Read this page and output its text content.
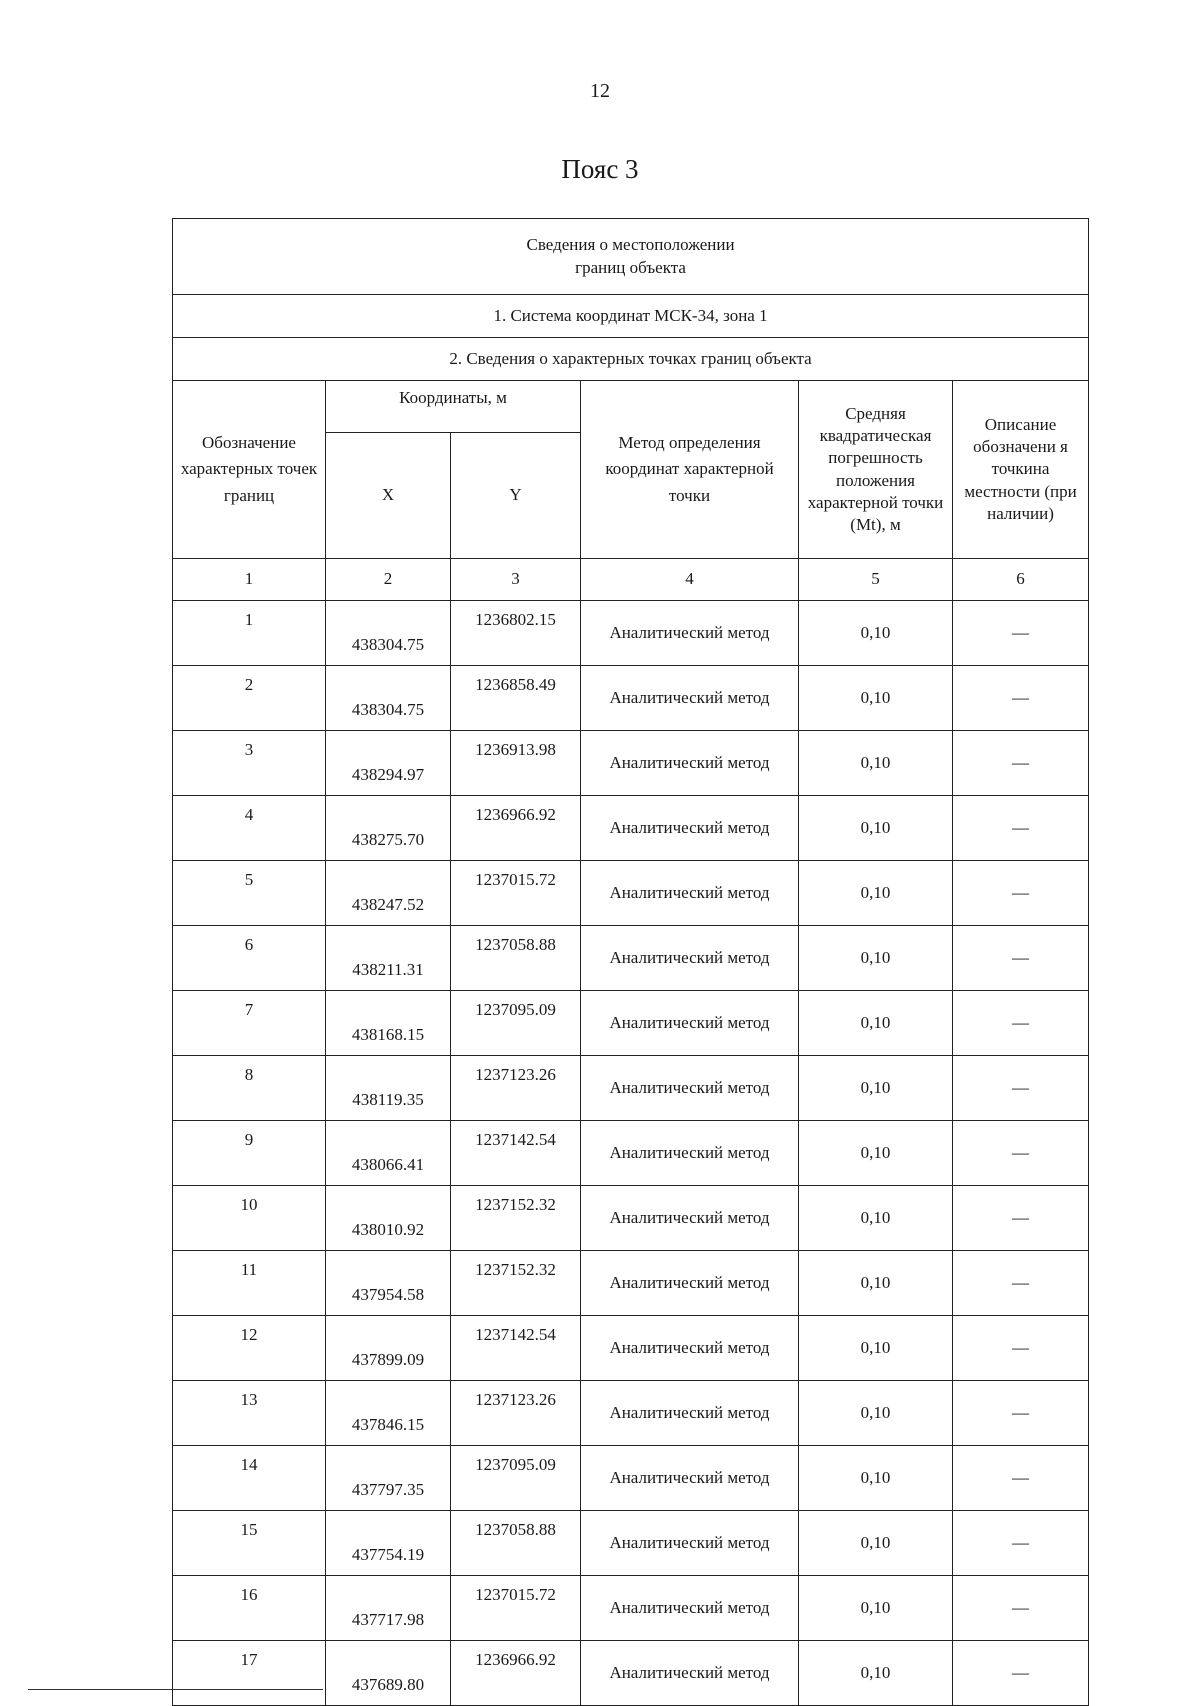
12
Пояс 3
Сведения о местоположении
границ объекта					

1. Система координат МСК-34, зона 1					
2. Сведения о характерных точках границ объекта					
Обозначение характерных точек границ	Координаты, м		Метод определения координат характерной точки	Средняя квадратическая погрешность положения характерной точки (Mt), м	Описание обозначени я точкина местности (при наличии)
	X	Y			
1	2	3	4	5	6
1	438304.75	1236802.15	Аналитический метод	0,10	—
2	438304.75	1236858.49	Аналитический метод	0,10	—
3	438294.97	1236913.98	Аналитический метод	0,10	—
4	438275.70	1236966.92	Аналитический метод	0,10	—
5	438247.52	1237015.72	Аналитический метод	0,10	—
6	438211.31	1237058.88	Аналитический метод	0,10	—
7	438168.15	1237095.09	Аналитический метод	0,10	—
8	438119.35	1237123.26	Аналитический метод	0,10	—
9	438066.41	1237142.54	Аналитический метод	0,10	—
10	438010.92	1237152.32	Аналитический метод	0,10	—
11	437954.58	1237152.32	Аналитический метод	0,10	—
12	437899.09	1237142.54	Аналитический метод	0,10	—
13	437846.15	1237123.26	Аналитический метод	0,10	—
14	437797.35	1237095.09	Аналитический метод	0,10	—
15	437754.19	1237058.88	Аналитический метод	0,10	—
16	437717.98	1237015.72	Аналитический метод	0,10	—
17	437689.80	1236966.92	Аналитический метод	0,10	—
